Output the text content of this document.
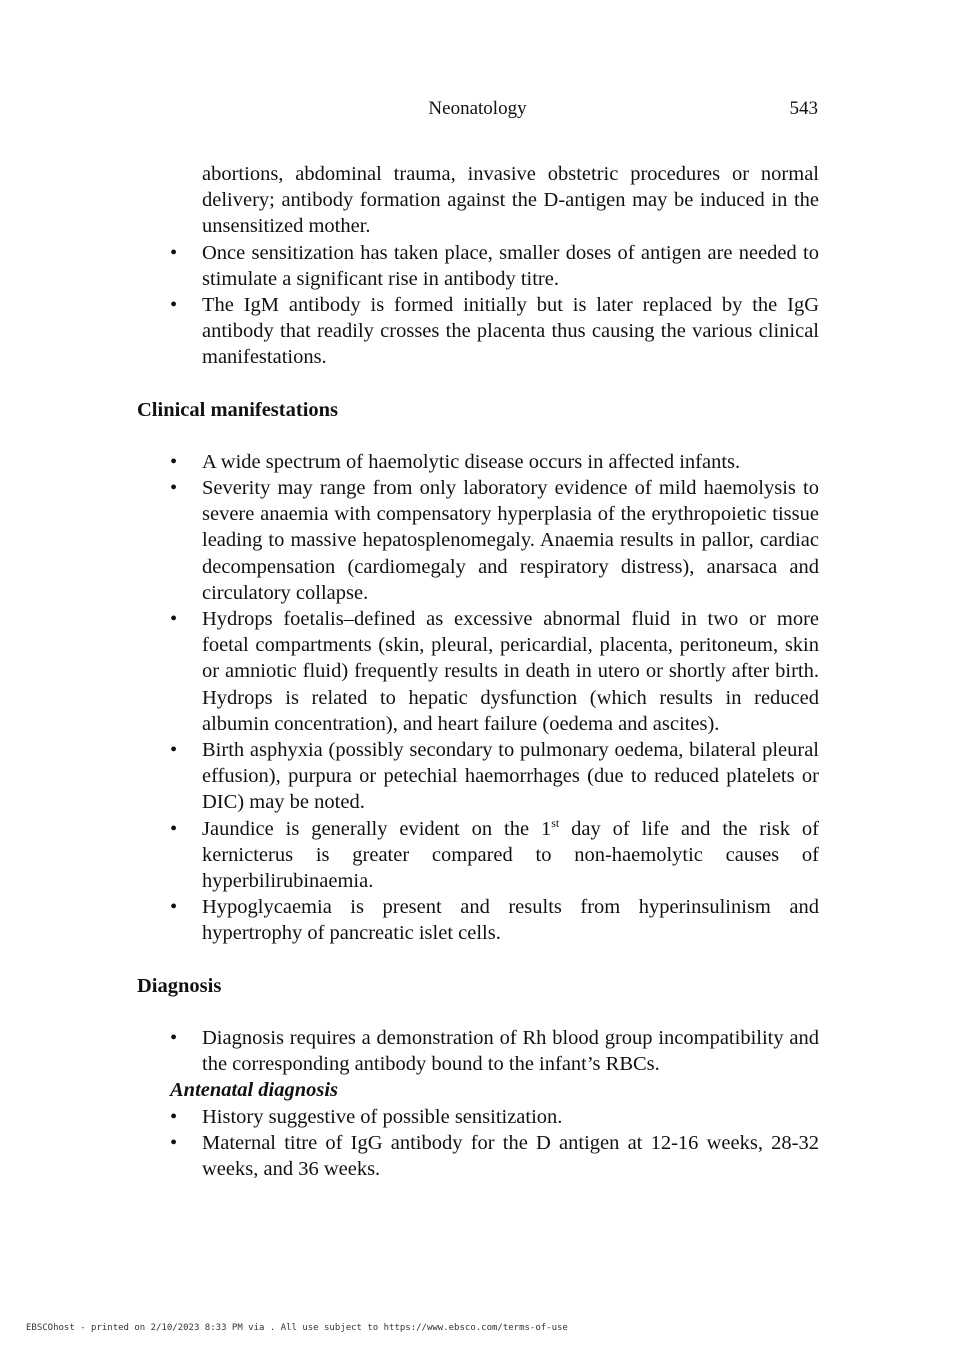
Neonatology	543

abortions, abdominal trauma, invasive obstetric procedures or normal delivery; antibody formation against the D-antigen may be induced in the unsensitized mother.

• Once sensitization has taken place, smaller doses of antigen are needed to stimulate a significant rise in antibody titre.
• The IgM antibody is formed initially but is later replaced by the IgG antibody that readily crosses the placenta thus causing the various clinical manifestations.
Clinical manifestations
• A wide spectrum of haemolytic disease occurs in affected infants.
• Severity may range from only laboratory evidence of mild haemolysis to severe anaemia with compensatory hyperplasia of the erythropoietic tissue leading to massive hepatosplenomegaly. Anaemia results in pallor, cardiac decompensation (cardiomegaly and respiratory distress), anarsaca and circulatory collapse.
• Hydrops foetalis–defined as excessive abnormal fluid in two or more foetal compartments (skin, pleural, pericardial, placenta, peritoneum, skin or amniotic fluid) frequently results in death in utero or shortly after birth. Hydrops is related to hepatic dysfunction (which results in reduced albumin concentration), and heart failure (oedema and ascites).
• Birth asphyxia (possibly secondary to pulmonary oedema, bilateral pleural effusion), purpura or petechial haemorrhages (due to reduced platelets or DIC) may be noted.
• Jaundice is generally evident on the 1st day of life and the risk of kernicterus is greater compared to non-haemolytic causes of hyperbilirubinaemia.
• Hypoglycaemia is present and results from hyperinsulinism and hypertrophy of pancreatic islet cells.
Diagnosis
• Diagnosis requires a demonstration of Rh blood group incompatibility and the corresponding antibody bound to the infant’s RBCs.
Antenatal diagnosis
• History suggestive of possible sensitization.
• Maternal titre of IgG antibody for the D antigen at 12-16 weeks, 28-32 weeks, and 36 weeks.
EBSCOhost - printed on 2/10/2023 8:33 PM via . All use subject to https://www.ebsco.com/terms-of-use
